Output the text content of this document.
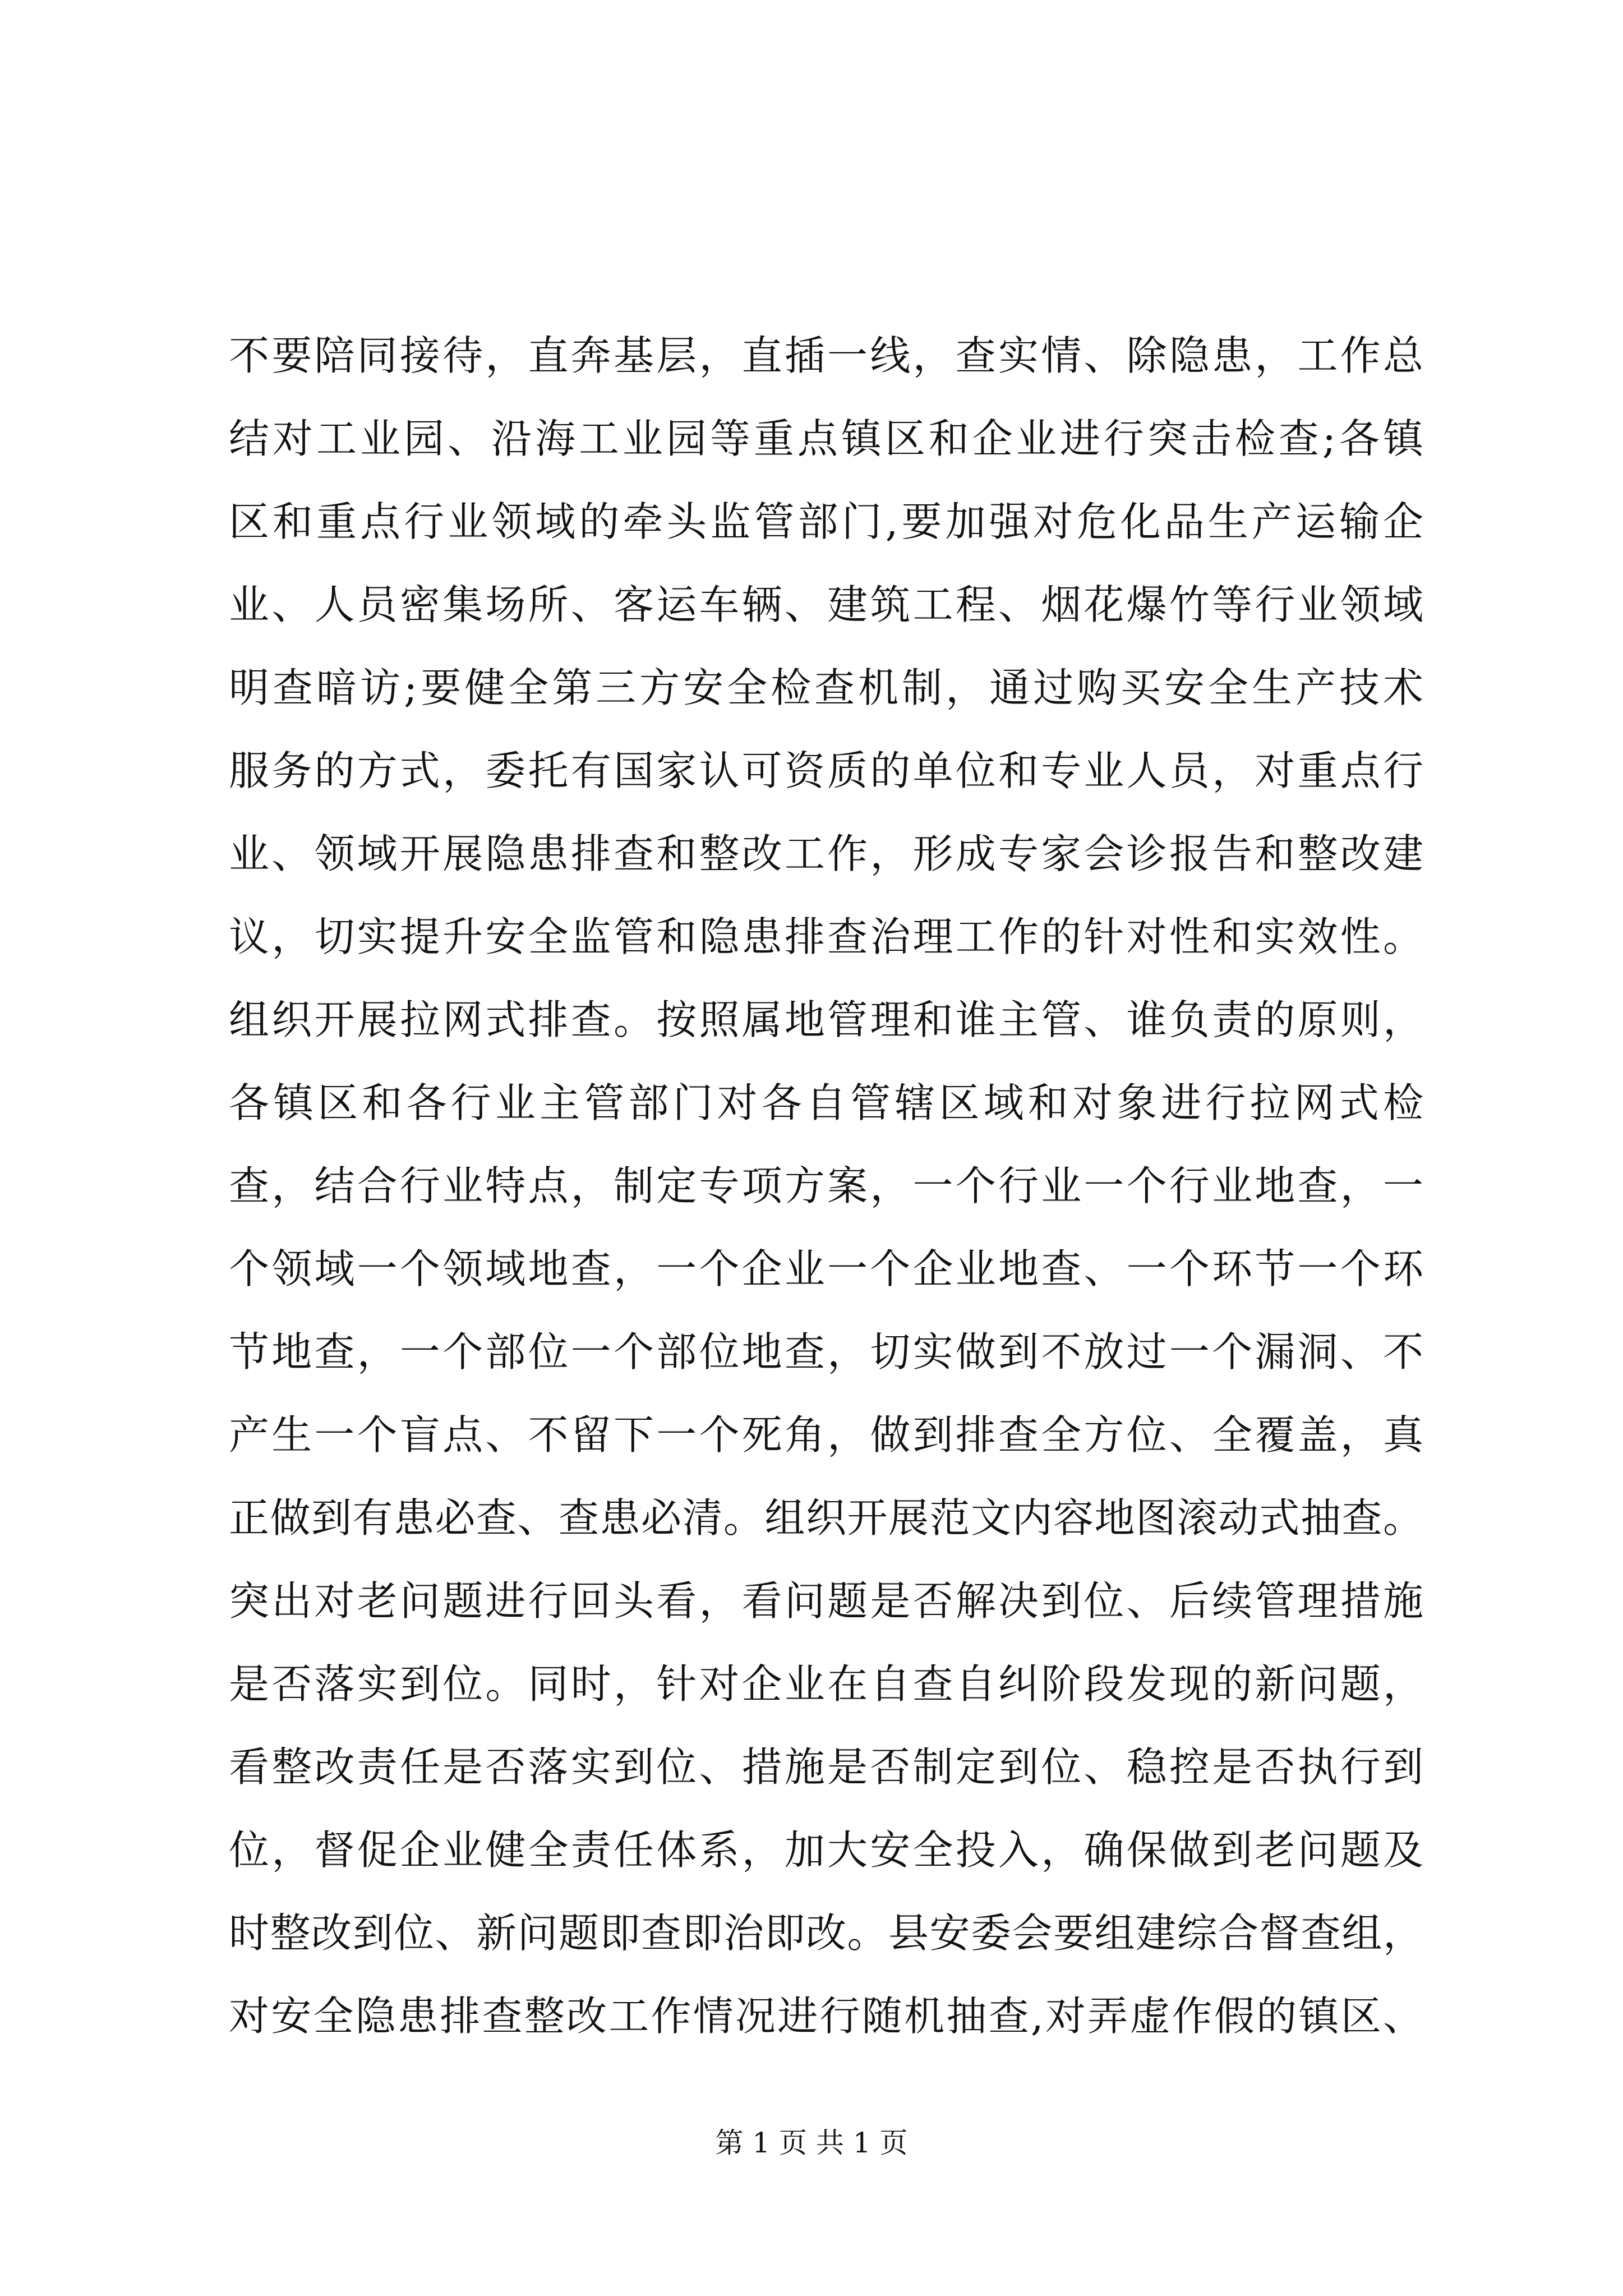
不要陪同接待，直奔基层，直插一线，查实情、除隐患，工作总
结对工业园、沿海工业园等重点镇区和企业进行突击检查;各镇
区和重点行业领域的牵头监管部门,要加强对危化品生产运输企
业、人员密集场所、客运车辆、建筑工程、烟花爆竹等行业领域
明查暗访;要健全第三方安全检查机制，通过购买安全生产技术
服务的方式，委托有国家认可资质的单位和专业人员，对重点行
业、领域开展隐患排查和整改工作，形成专家会诊报告和整改建
议，切实提升安全监管和隐患排查治理工作的针对性和实效性。
组织开展拉网式排查。按照属地管理和谁主管、谁负责的原则，
各镇区和各行业主管部门对各自管辖区域和对象进行拉网式检
查，结合行业特点，制定专项方案，一个行业一个行业地查，一
个领域一个领域地查，一个企业一个企业地查、一个环节一个环
节地查，一个部位一个部位地查，切实做到不放过一个漏洞、不
产生一个盲点、不留下一个死角，做到排查全方位、全覆盖，真
正做到有患必查、查患必清。组织开展范文内容地图滚动式抽查。
突出对老问题进行回头看，看问题是否解决到位、后续管理措施
是否落实到位。同时，针对企业在自查自纠阶段发现的新问题，
看整改责任是否落实到位、措施是否制定到位、稳控是否执行到
位，督促企业健全责任体系，加大安全投入，确保做到老问题及
时整改到位、新问题即查即治即改。县安委会要组建综合督查组，
对安全隐患排查整改工作情况进行随机抽查,对弄虚作假的镇区、
第 1 页 共 1 页
